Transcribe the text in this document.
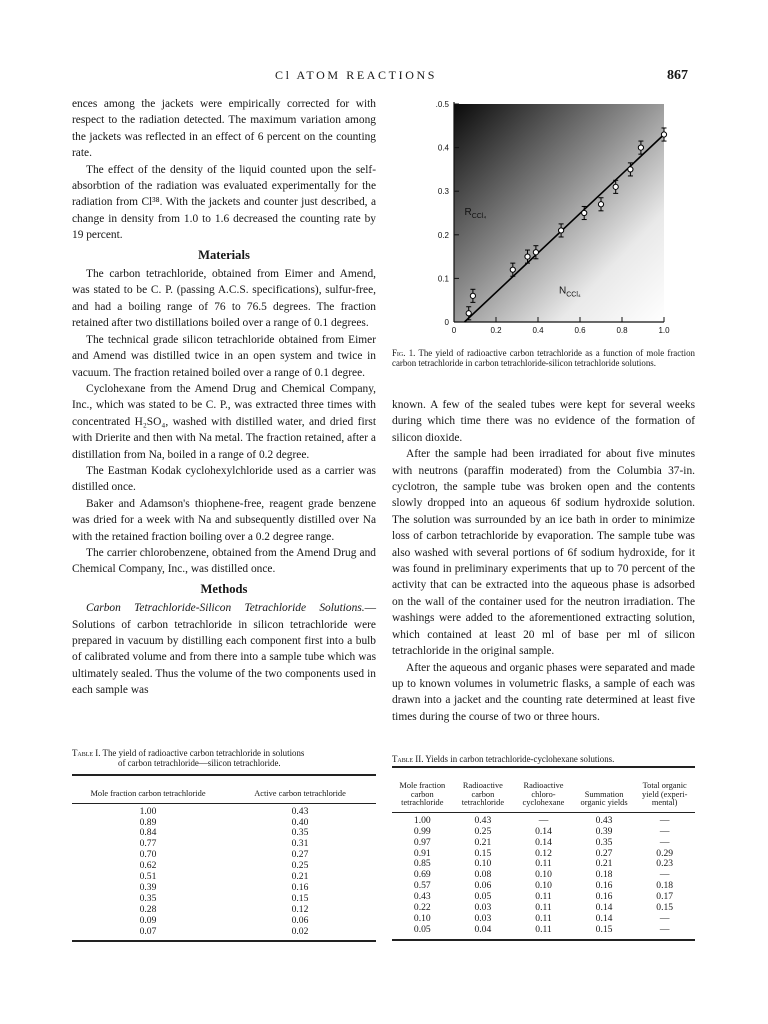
Cl ATOM REACTIONS	867

ences among the jackets were empirically corrected for with respect to the radiation detected. The maximum variation among the jackets was reflected in an effect of 6 percent on the counting rate.

The effect of the density of the liquid counted upon the self-absorbtion of the radiation was evaluated experimentally for the radiation from Cl³⁸. With the jackets and counter just described, a change in density from 1.0 to 1.6 decreased the counting rate by 19 percent.

Materials

The carbon tetrachloride, obtained from Eimer and Amend, was stated to be C. P. (passing A.C.S. specifications), sulfur-free, and had a boiling range of 76 to 76.5 degrees. The fraction retained after two distillations boiled over a range of 0.1 degrees.

The technical grade silicon tetrachloride obtained from Eimer and Amend was distilled twice in an open system and twice in vacuum. The fraction retained boiled over a range of 0.1 degree.

Cyclohexane from the Amend Drug and Chemical Company, Inc., which was stated to be C. P., was extracted three times with concentrated H₂SO₄, washed with distilled water, and dried first with Drierite and then with Na metal. The fraction retained, after a distillation from Na, boiled in a range of 0.2 degree.

The Eastman Kodak cyclohexylchloride used as a carrier was distilled once.

Baker and Adamson's thiophene-free, reagent grade benzene was dried for a week with Na and subsequently distilled over Na with the retained fraction boiling over a 0.2 degree range.

The carrier chlorobenzene, obtained from the Amend Drug and Chemical Company, Inc., was distilled once.

Methods

Carbon Tetrachloride-Silicon Tetrachloride Solutions.—Solutions of carbon tetrachloride in silicon tetrachloride were prepared in vacuum by distilling each component first into a bulb of calibrated volume and from there into a sample tube which was ultimately sealed. Thus the volume of the two components used in each sample was

0
0.1
0.2
0.3
0.4
.0.5
0	0.2	0.4	0.6	0.8	1.0
$R_{CCl_4}$
$N_{CCl_4}$
Fig. 1. The yield of radioactive carbon tetrachloride as a function of mole fraction carbon tetrachloride in carbon tetrachloride-silicon tetrachloride solutions.

known. A few of the sealed tubes were kept for several weeks during which time there was no evidence of the formation of silicon dioxide.

After the sample had been irradiated for about five minutes with neutrons (paraffin moderated) from the Columbia 37-in. cyclotron, the sample tube was broken open and the contents slowly dropped into an aqueous 6f sodium hydroxide solution. The solution was surrounded by an ice bath in order to minimize loss of carbon tetrachloride by evaporation. The sample tube was also washed with several portions of 6f sodium hydroxide, for it was found in preliminary experiments that up to 70 percent of the activity that can be extracted into the aqueous phase is adsorbed on the wall of the container used for the neutron irradiation. The washings were added to the aforementioned extracting solution, which contained at least 20 ml of base per ml of silicon tetrachloride in the original sample.

After the aqueous and organic phases were separated and made up to known volumes in volumetric flasks, a sample of each was drawn into a jacket and the counting rate determined at least five times during the course of two or three hours.

Table I. The yield of radioactive carbon tetrachloride in solutions
of carbon tetrachloride—silicon tetrachloride.
Mole fraction carbon tetrachloride	Active carbon tetrachloride
1.00	0.43
0.89	0.40
0.84	0.35
0.77	0.31
0.70	0.27
0.62	0.25
0.51	0.21
0.39	0.16
0.35	0.15
0.28	0.12
0.09	0.06
0.07	0.02
Table II. Yields in carbon tetrachloride-cyclohexane solutions.
Mole fraction carbon tetrachloride	Radioactive carbon tetrachloride	Radioactive chloro-cyclohexane	Summation organic yields	Total organic yield (experi-mental)
1.00	0.43	—	0.43	—
0.99	0.25	0.14	0.39	—
0.97	0.21	0.14	0.35	—
0.91	0.15	0.12	0.27	0.29
0.85	0.10	0.11	0.21	0.23
0.69	0.08	0.10	0.18	—
0.57	0.06	0.10	0.16	0.18
0.43	0.05	0.11	0.16	0.17
0.22	0.03	0.11	0.14	0.15
0.10	0.03	0.11	0.14	—
0.05	0.04	0.11	0.15	—
